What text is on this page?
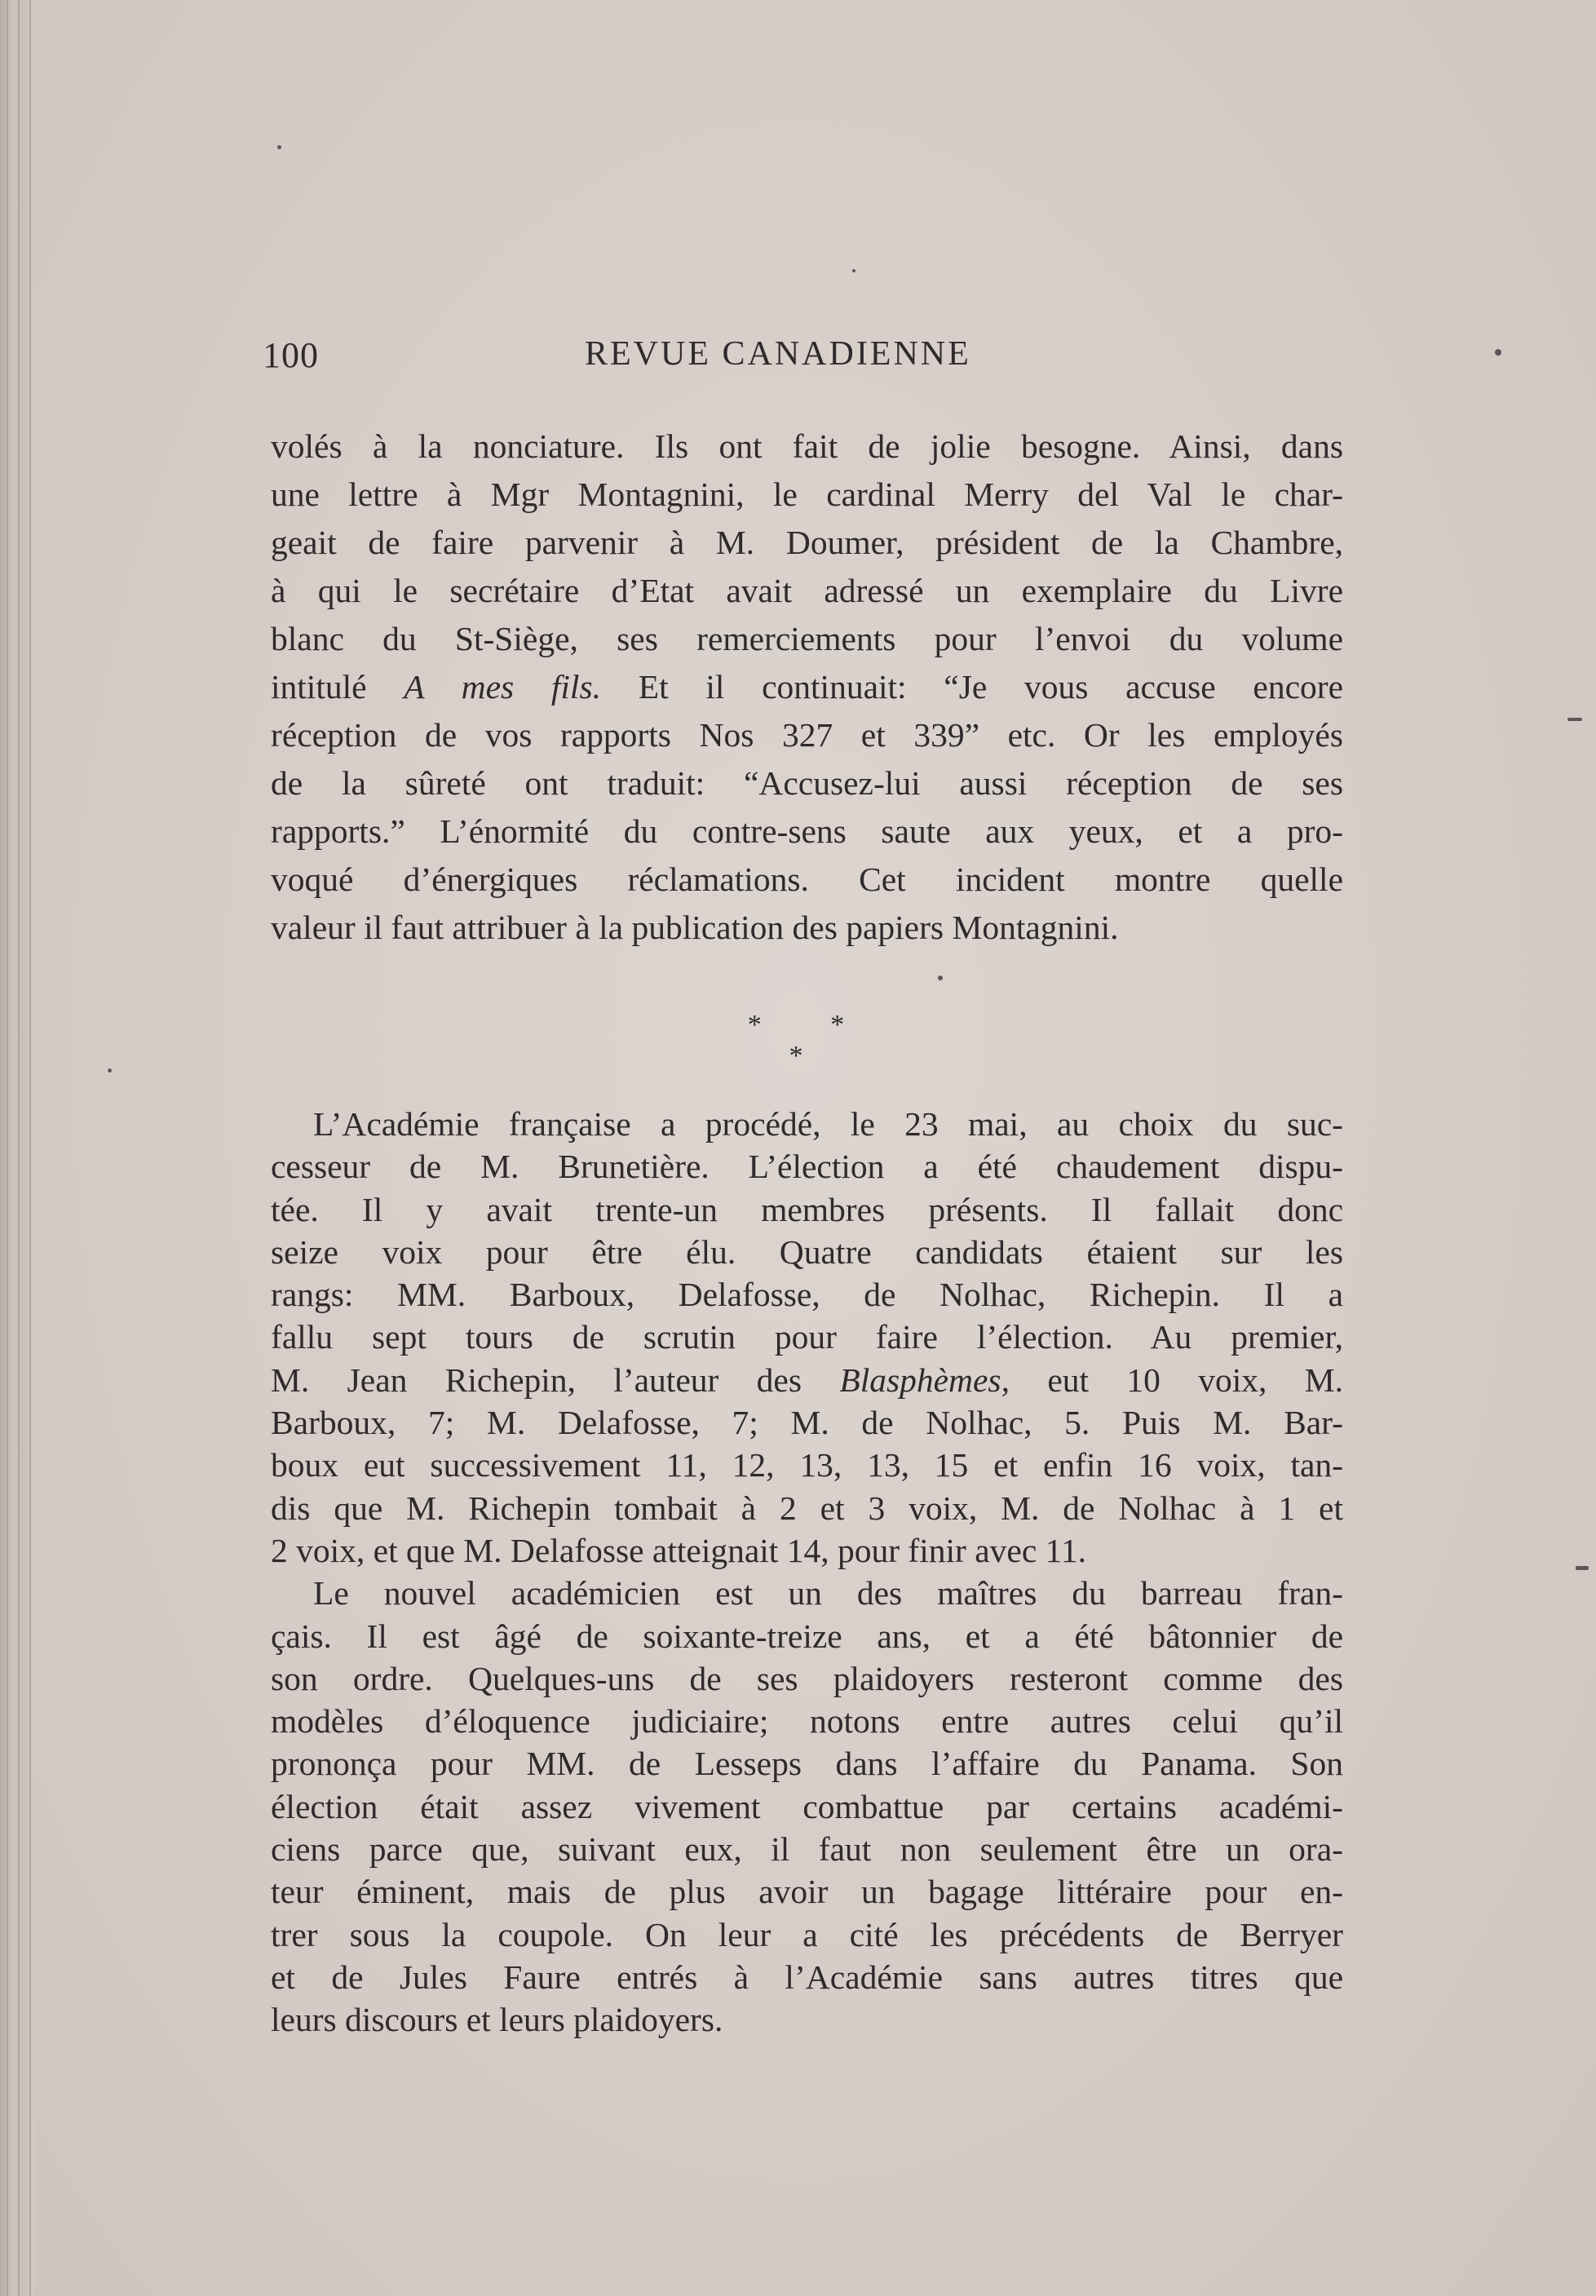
100	REVUE CANADIENNE
volés à la nonciature. Ils ont fait de jolie besogne. Ainsi, dans
une lettre à Mgr Montagnini, le cardinal Merry del Val le char-
geait de faire parvenir à M. Doumer, président de la Chambre,
à qui le secrétaire d’Etat avait adressé un exemplaire du Livre
blanc du St-Siège, ses remerciements pour l’envoi du volume
intitulé A mes fils. Et il continuait: “Je vous accuse encore
réception de vos rapports Nos 327 et 339” etc. Or les employés
de la sûreté ont traduit: “Accusez-lui aussi réception de ses
rapports.” L’énormité du contre-sens saute aux yeux, et a pro-
voqué d’énergiques réclamations. Cet incident montre quelle
valeur il faut attribuer à la publication des papiers Montagnini.
* * *
L’Académie française a procédé, le 23 mai, au choix du suc-
cesseur de M. Brunetière. L’élection a été chaudement dispu-
tée. Il y avait trente-un membres présents. Il fallait donc
seize voix pour être élu. Quatre candidats étaient sur les
rangs: MM. Barboux, Delafosse, de Nolhac, Richepin. Il a
fallu sept tours de scrutin pour faire l’élection. Au premier,
M. Jean Richepin, l’auteur des Blasphèmes, eut 10 voix, M.
Barboux, 7; M. Delafosse, 7; M. de Nolhac, 5. Puis M. Bar-
boux eut successivement 11, 12, 13, 13, 15 et enfin 16 voix, tan-
dis que M. Richepin tombait à 2 et 3 voix, M. de Nolhac à 1 et
2 voix, et que M. Delafosse atteignait 14, pour finir avec 11.
Le nouvel académicien est un des maîtres du barreau fran-
çais. Il est âgé de soixante-treize ans, et a été bâtonnier de
son ordre. Quelques-uns de ses plaidoyers resteront comme des
modèles d’éloquence judiciaire; notons entre autres celui qu’il
prononça pour MM. de Lesseps dans l’affaire du Panama. Son
élection était assez vivement combattue par certains académi-
ciens parce que, suivant eux, il faut non seulement être un ora-
teur éminent, mais de plus avoir un bagage littéraire pour en-
trer sous la coupole. On leur a cité les précédents de Berryer
et de Jules Faure entrés à l’Académie sans autres titres que
leurs discours et leurs plaidoyers.
